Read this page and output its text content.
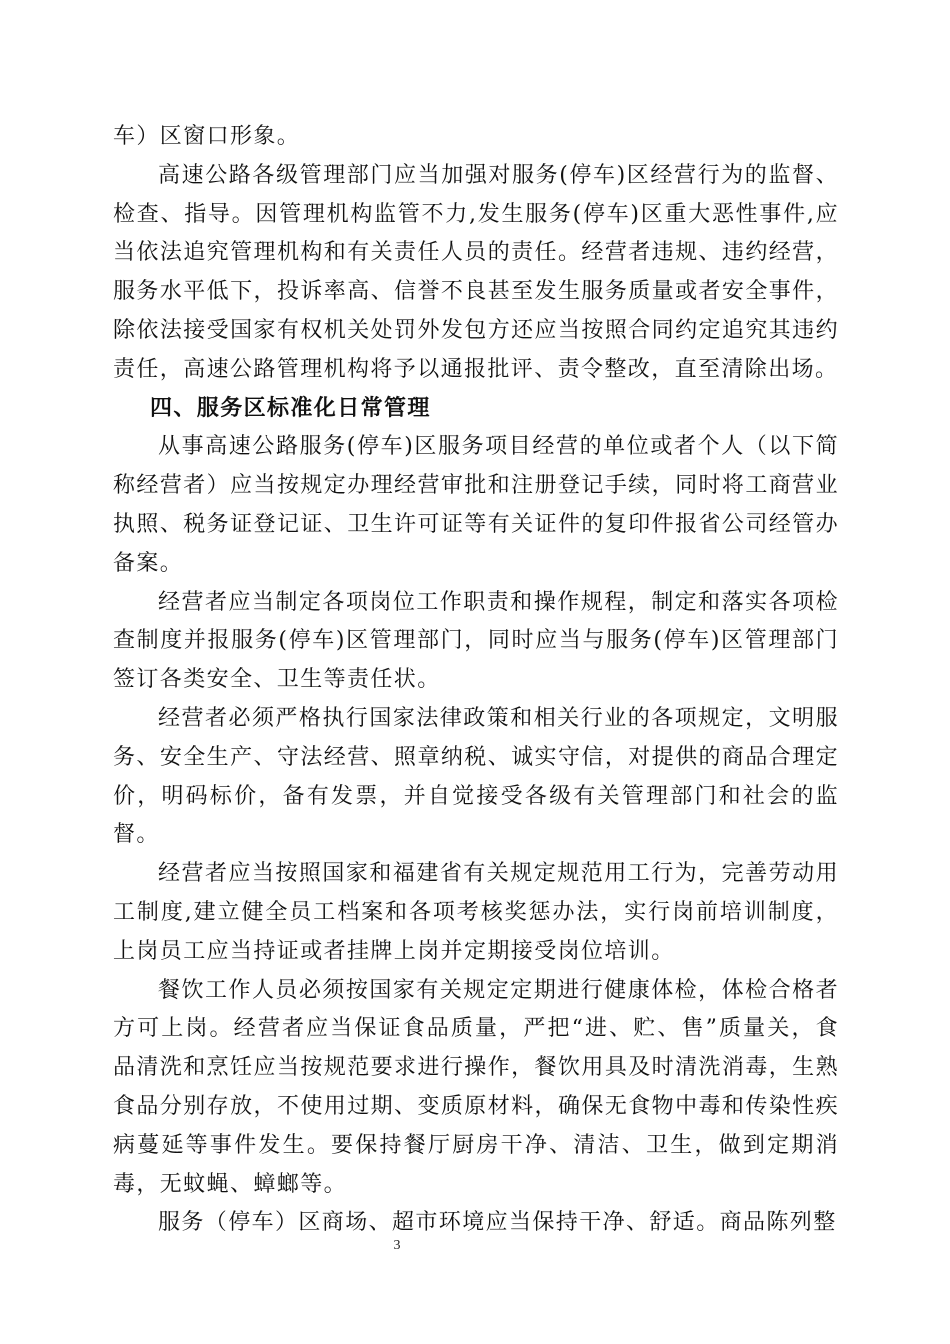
车）区窗口形象。

高速公路各级管理部门应当加强对服务(停车)区经营行为的监督、检查、指导。因管理机构监管不力,发生服务(停车)区重大恶性事件,应当依法追究管理机构和有关责任人员的责任。经营者违规、违约经营，服务水平低下，投诉率高、信誉不良甚至发生服务质量或者安全事件，除依法接受国家有权机关处罚外发包方还应当按照合同约定追究其违约责任，高速公路管理机构将予以通报批评、责令整改，直至清除出场。

四、服务区标准化日常管理

从事高速公路服务(停车)区服务项目经营的单位或者个人（以下简称经营者）应当按规定办理经营审批和注册登记手续，同时将工商营业执照、税务证登记证、卫生许可证等有关证件的复印件报省公司经管办备案。

经营者应当制定各项岗位工作职责和操作规程，制定和落实各项检查制度并报服务(停车)区管理部门，同时应当与服务(停车)区管理部门签订各类安全、卫生等责任状。

经营者必须严格执行国家法律政策和相关行业的各项规定，文明服务、安全生产、守法经营、照章纳税、诚实守信，对提供的商品合理定价，明码标价，备有发票，并自觉接受各级有关管理部门和社会的监督。

经营者应当按照国家和福建省有关规定规范用工行为，完善劳动用工制度,建立健全员工档案和各项考核奖惩办法，实行岗前培训制度，上岗员工应当持证或者挂牌上岗并定期接受岗位培训。

餐饮工作人员必须按国家有关规定定期进行健康体检，体检合格者方可上岗。经营者应当保证食品质量，严把“进、贮、售”质量关，食品清洗和烹饪应当按规范要求进行操作，餐饮用具及时清洗消毒，生熟食品分别存放，不使用过期、变质原材料，确保无食物中毒和传染性疾病蔓延等事件发生。要保持餐厅厨房干净、清洁、卫生，做到定期消毒，无蚊蝇、蟑螂等。

服务（停车）区商场、超市环境应当保持干净、舒适。商品陈列整

3
